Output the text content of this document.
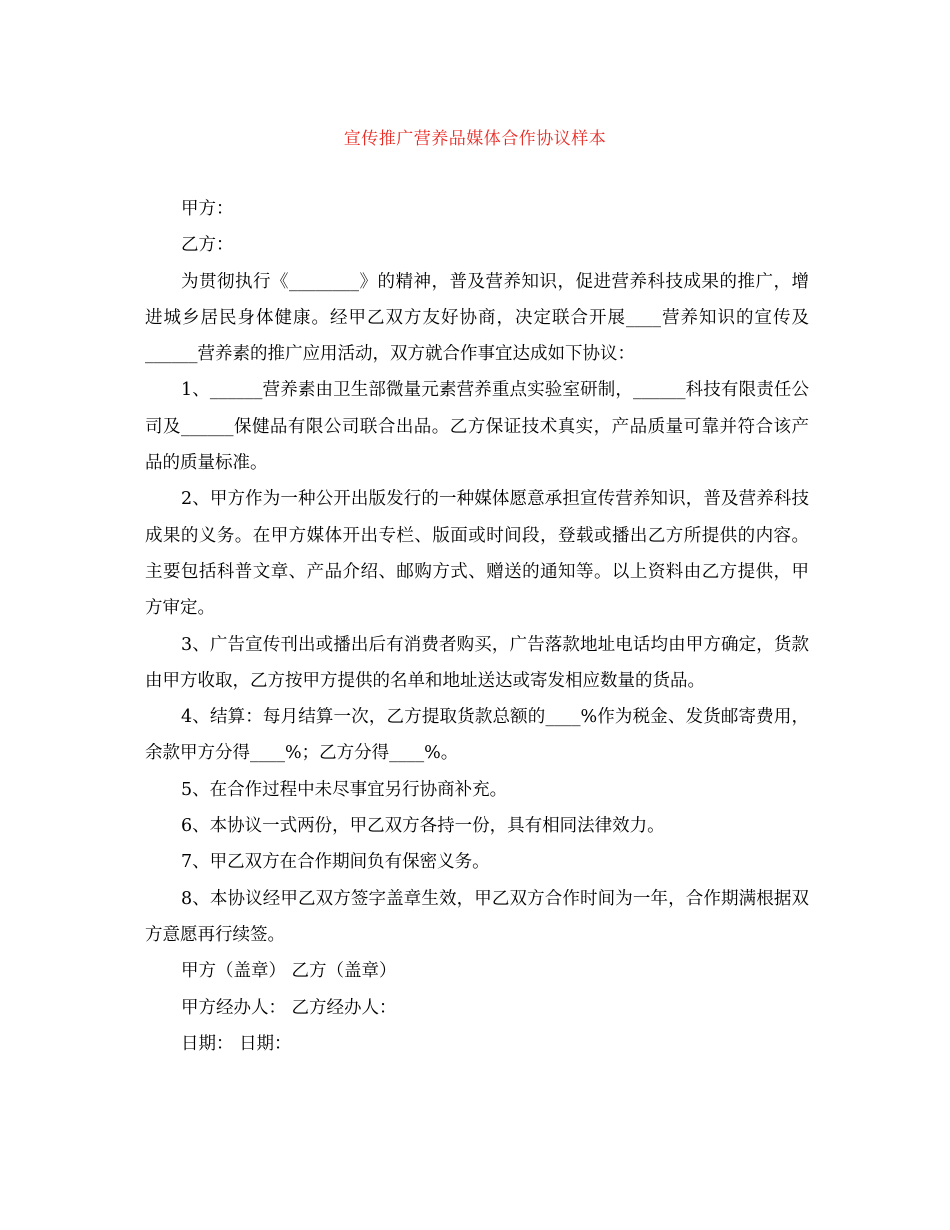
宣传推广营养品媒体合作协议样本

甲方：

乙方：

为贯彻执行《________》的精神，普及营养知识，促进营养科技成果的推广，增进城乡居民身体健康。经甲乙双方友好协商，决定联合开展____营养知识的宣传及______营养素的推广应用活动，双方就合作事宜达成如下协议：

1、______营养素由卫生部微量元素营养重点实验室研制，______科技有限责任公司及______保健品有限公司联合出品。乙方保证技术真实，产品质量可靠并符合该产品的质量标准。

2、甲方作为一种公开出版发行的一种媒体愿意承担宣传营养知识，普及营养科技成果的义务。在甲方媒体开出专栏、版面或时间段，登载或播出乙方所提供的内容。主要包括科普文章、产品介绍、邮购方式、赠送的通知等。以上资料由乙方提供，甲方审定。

3、广告宣传刊出或播出后有消费者购买，广告落款地址电话均由甲方确定，货款由甲方收取，乙方按甲方提供的名单和地址送达或寄发相应数量的货品。

4、结算：每月结算一次，乙方提取货款总额的____%作为税金、发货邮寄费用，余款甲方分得____%；乙方分得____%。

5、在合作过程中未尽事宜另行协商补充。

6、本协议一式两份，甲乙双方各持一份，具有相同法律效力。

7、甲乙双方在合作期间负有保密义务。

8、本协议经甲乙双方签字盖章生效，甲乙双方合作时间为一年，合作期满根据双方意愿再行续签。

甲方（盖章） 乙方（盖章）

甲方经办人： 乙方经办人：

日期： 日期：
